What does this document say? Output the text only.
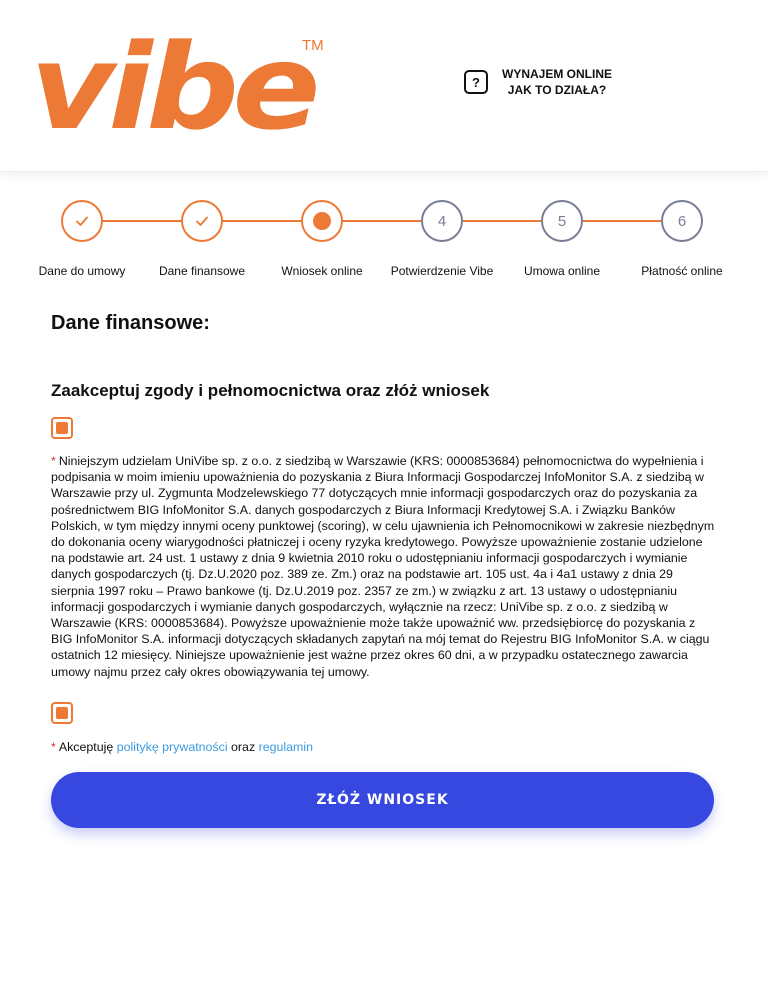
vibe
TM
?
WYNAJEM ONLINE
JAK TO DZIAŁA?
Dane do umowy	Dane finansowe	Wniosek online
4
Potwierdzenie Vibe
5
Umowa online
6
Płatność online
Dane finansowe:
Zaakceptuj zgody i pełnomocnictwa oraz złóż wniosek

* Niniejszym udzielam UniVibe sp. z o.o. z siedzibą w Warszawie (KRS: 0000853684) pełnomocnictwa do wypełnienia i podpisania w moim imieniu upoważnienia do pozyskania z Biura Informacji Gospodarczej InfoMonitor S.A. z siedzibą w Warszawie przy ul. Zygmunta Modzelewskiego 77 dotyczących mnie informacji gospodarczych oraz do pozyskania za pośrednictwem BIG InfoMonitor S.A. danych gospodarczych z Biura Informacji Kredytowej S.A. i Związku Banków Polskich, w tym między innymi oceny punktowej (scoring), w celu ujawnienia ich Pełnomocnikowi w zakresie niezbędnym do dokonania oceny wiarygodności płatniczej i oceny ryzyka kredytowego. Powyższe upoważnienie zostanie udzielone na podstawie art. 24 ust. 1 ustawy z dnia 9 kwietnia 2010 roku o udostępnianiu informacji gospodarczych i wymianie danych gospodarczych (tj. Dz.U.2020 poz. 389 ze. Zm.) oraz na podstawie art. 105 ust. 4a i 4a1 ustawy z dnia 29 sierpnia 1997 roku – Prawo bankowe (tj. Dz.U.2019 poz. 2357 ze zm.) w związku z art. 13 ustawy o udostępnianiu informacji gospodarczych i wymianie danych gospodarczych, wyłącznie na rzecz: UniVibe sp. z o.o. z siedzibą w Warszawie (KRS: 0000853684). Powyższe upoważnienie może także upoważnić ww. przedsiębiorcę do pozyskania z BIG InfoMonitor S.A. informacji dotyczących składanych zapytań na mój temat do Rejestru BIG InfoMonitor S.A. w ciągu ostatnich 12 miesięcy. Niniejsze upoważnienie jest ważne przez okres 60 dni, a w przypadku ostatecznego zawarcia umowy najmu przez cały okres obowiązywania tej umowy.

* Akceptuję politykę prywatności oraz regulamin

ZŁÓŻ WNIOSEK
